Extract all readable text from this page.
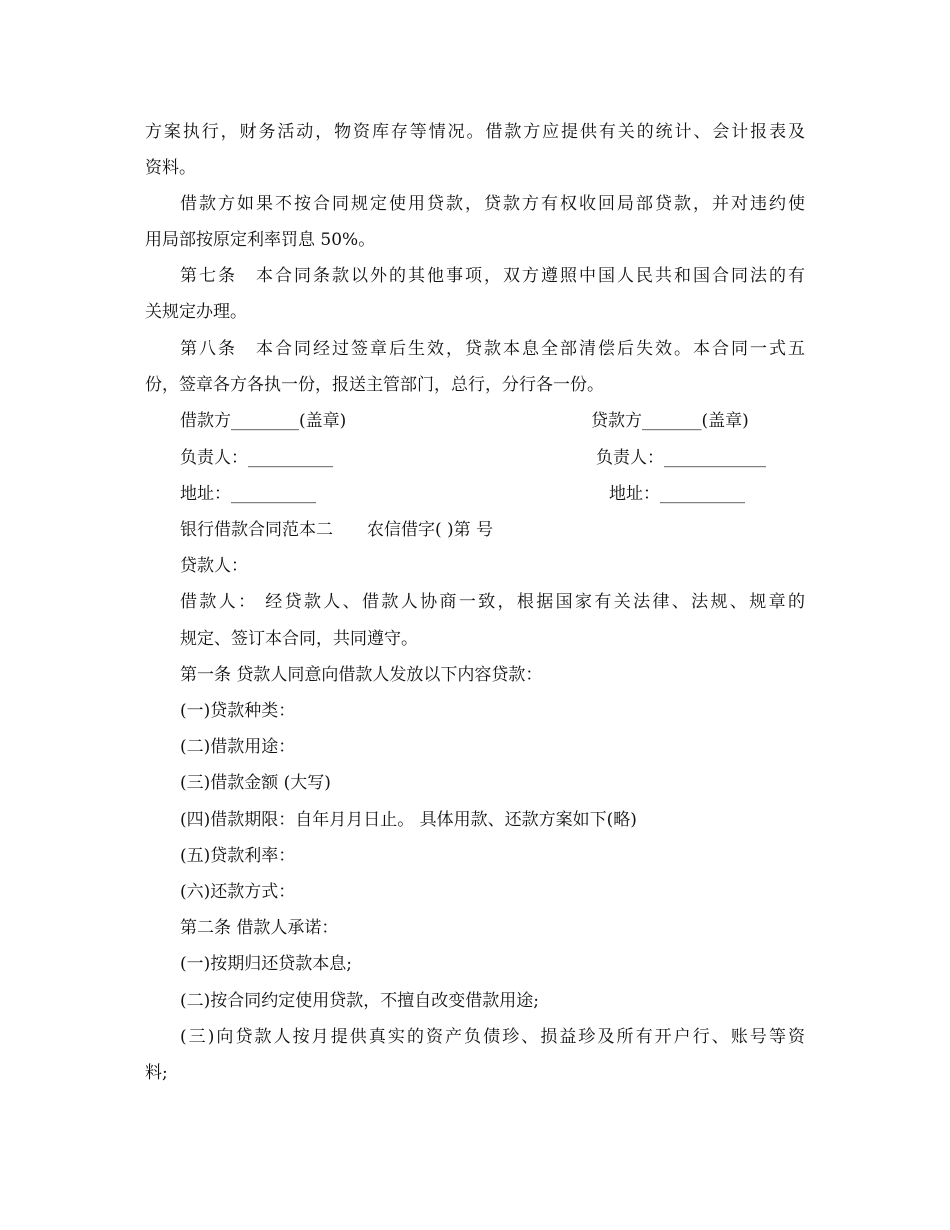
方案执行，财务活动，物资库存等情况。借款方应提供有关的统计、会计报表及
资料。
借款方如果不按合同规定使用贷款，贷款方有权收回局部贷款，并对违约使
用局部按原定利率罚息 50%。
第七条　本合同条款以外的其他事项，双方遵照中国人民共和国合同法的有
关规定办理。
第八条　本合同经过签章后生效，贷款本息全部清偿后失效。本合同一式五
份，签章各方各执一份，报送主管部门，总行，分行各一份。
借款方________(盖章)	贷款方_______(盖章)
负责人：__________	负责人：____________
地址：__________	地址：__________
银行借款合同范本二　　农信借字( )第 号
贷款人：
借款人： 经贷款人、借款人协商一致，根据国家有关法律、法规、规章的
规定、签订本合同，共同遵守。
第一条 贷款人同意向借款人发放以下内容贷款：
(一)贷款种类：
(二)借款用途：
(三)借款金额 (大写)
(四)借款期限：自年月月日止。 具体用款、还款方案如下(略)
(五)贷款利率：
(六)还款方式：
第二条 借款人承诺：
(一)按期归还贷款本息;
(二)按合同约定使用贷款，不擅自改变借款用途;
(三)向贷款人按月提供真实的资产负债珍、损益珍及所有开户行、账号等资
料;
